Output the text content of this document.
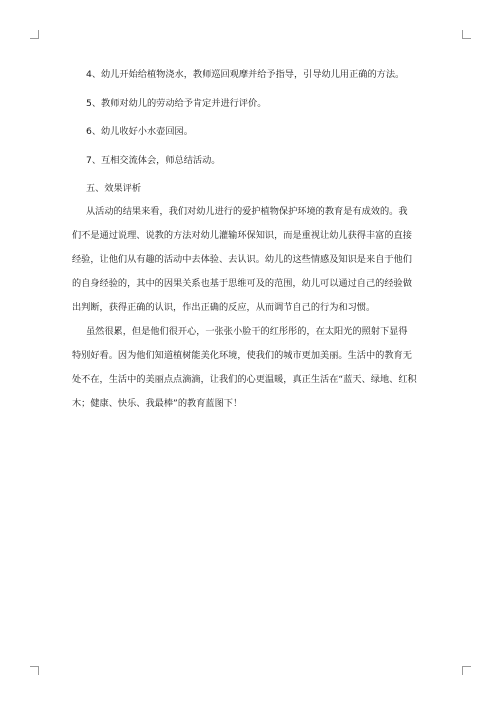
4、幼儿开始给植物浇水，教师巡回观摩并给予指导，引导幼儿用正确的方法。

5、教师对幼儿的劳动给予肯定并进行评价。

6、幼儿收好小水壶回园。

7、互相交流体会，师总结活动。

五、效果评析

从活动的结果来看，我们对幼儿进行的爱护植物保护环境的教育是有成效的。我

们不是通过说理、说教的方法对幼儿灌输环保知识，而是重视让幼儿获得丰富的直接

经验，让他们从有趣的活动中去体验、去认识。幼儿的这些情感及知识是来自于他们

的自身经验的，其中的因果关系也基于思维可及的范围，幼儿可以通过自己的经验做

出判断，获得正确的认识，作出正确的反应，从而调节自己的行为和习惯。

虽然很累，但是他们很开心，一张张小脸干的红彤彤的，在太阳光的照射下显得

特别好看。因为他们知道植树能美化环境，使我们的城市更加美丽。生活中的教育无

处不在，生活中的美丽点点滴滴，让我们的心更温暖，真正生活在“蓝天、绿地、红积

木；健康、快乐、我最棒”的教育蓝图下！
